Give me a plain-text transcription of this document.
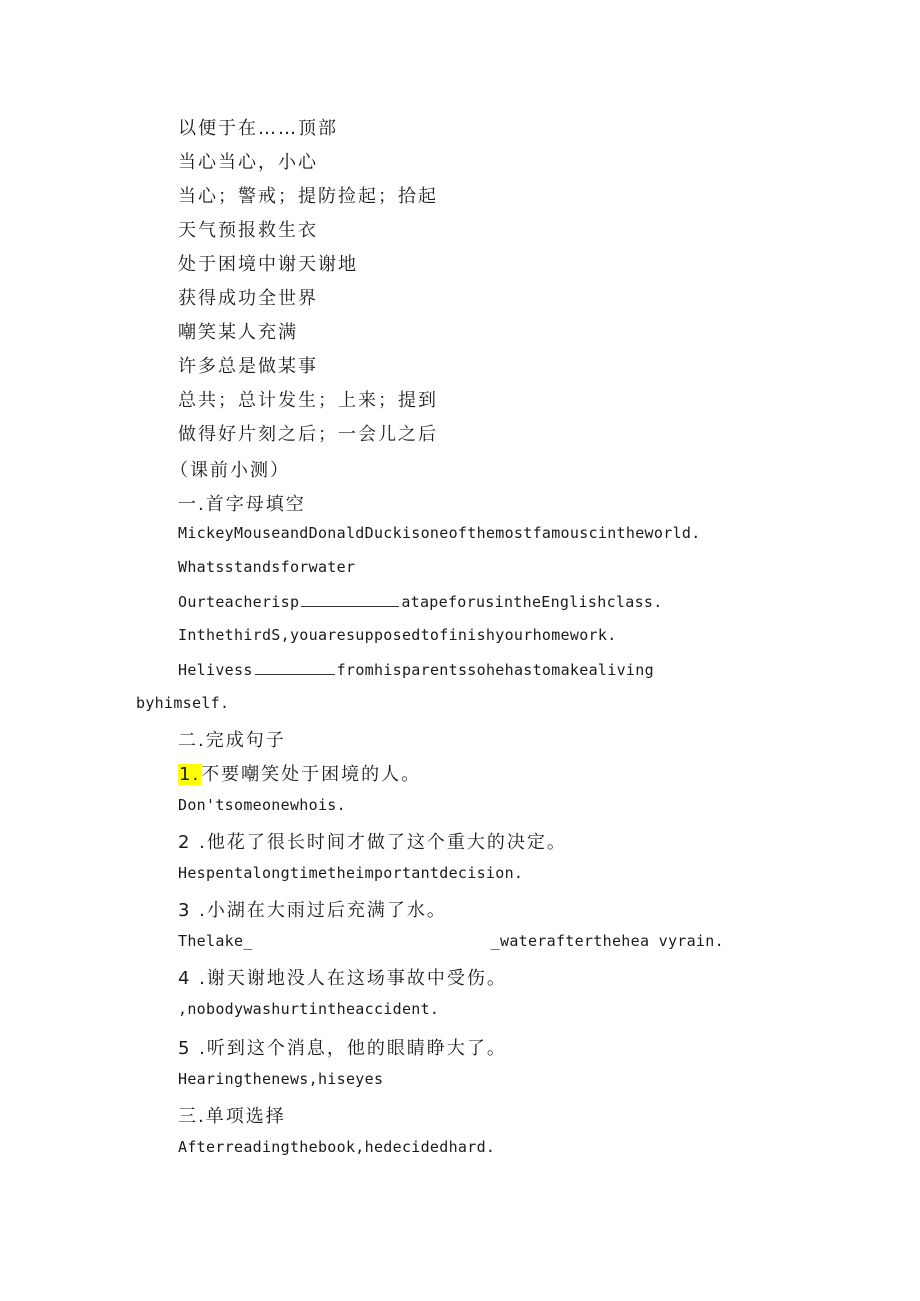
以便于在……顶部
当心当心，小心
当心；警戒；提防捡起；拾起
天气预报救生衣
处于困境中谢天谢地
获得成功全世界
嘲笑某人充满
许多总是做某事
总共；总计发生；上来；提到
做得好片刻之后；一会儿之后
（课前小测）
一.首字母填空
MickeyMouseandDonaldDuckisoneofthemostfamouscintheworld.
Whatsstandsforwater
Ourteacherisp	atapeforusintheEnglishclass.
InthethirdS,youaresupposedtofinishyourhomework.
Helivess	fromhisparentssohehastomakealiving
byhimself.
二.完成句子
1.不要嘲笑处于困境的人。
Don'tsomeonewhois.
2 .他花了很长时间才做了这个重大的决定。
Hespentalongtimetheimportantdecision.
3 .小湖在大雨过后充满了水。
Thelake_	_waterafterthehea vyrain.
4 .谢天谢地没人在这场事故中受伤。
,nobodywashurtintheaccident.
5 .听到这个消息，他的眼睛睁大了。
Hearingthenews,hiseyes
三.单项选择
Afterreadingthebook,hedecidedhard.
